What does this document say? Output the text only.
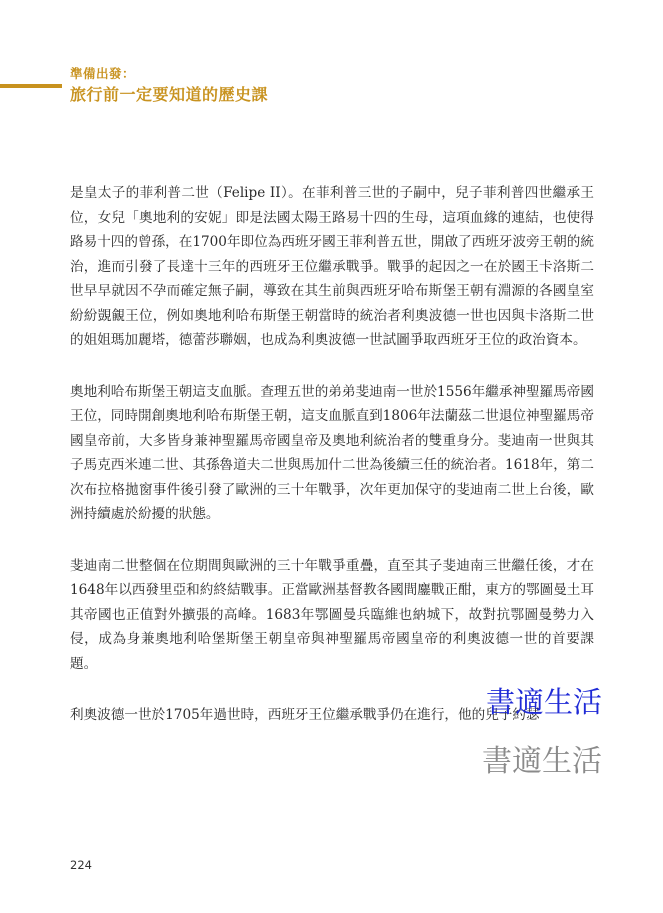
準備出發：
旅行前一定要知道的歷史課

是皇太子的菲利普二世（Felipe II）。在菲利普三世的子嗣中，兒子菲利普四世繼承王位，女兒「奧地利的安妮」即是法國太陽王路易十四的生母，這項血緣的連結，也使得路易十四的曾孫，在1700年即位為西班牙國王菲利普五世，開啟了西班牙波旁王朝的統治，進而引發了長達十三年的西班牙王位繼承戰爭。戰爭的起因之一在於國王卡洛斯二世早早就因不孕而確定無子嗣，導致在其生前與西班牙哈布斯堡王朝有淵源的各國皇室紛紛覬覦王位，例如奧地利哈布斯堡王朝當時的統治者利奧波德一世也因與卡洛斯二世的姐姐瑪加麗塔，德蕾莎聯姻，也成為利奧波德一世試圖爭取西班牙王位的政治資本。

奧地利哈布斯堡王朝這支血脈。查理五世的弟弟斐迪南一世於1556年繼承神聖羅馬帝國王位，同時開創奧地利哈布斯堡王朝，這支血脈直到1806年法蘭茲二世退位神聖羅馬帝國皇帝前，大多皆身兼神聖羅馬帝國皇帝及奧地利統治者的雙重身分。斐迪南一世與其子馬克西米連二世、其孫魯道夫二世與馬加什二世為後續三任的統治者。1618年，第二次布拉格拋窗事件後引發了歐洲的三十年戰爭，次年更加保守的斐迪南二世上台後，歐洲持續處於紛擾的狀態。

斐迪南二世整個在位期間與歐洲的三十年戰爭重疊，直至其子斐迪南三世繼任後，才在1648年以西發里亞和約終結戰事。正當歐洲基督教各國間鏖戰正酣，東方的鄂圖曼土耳其帝國也正值對外擴張的高峰。1683年鄂圖曼兵臨維也納城下，故對抗鄂圖曼勢力入侵，成為身兼奧地利哈堡斯堡王朝皇帝與神聖羅馬帝國皇帝的利奧波德一世的首要課題。

利奧波德一世於1705年過世時，西班牙王位繼承戰爭仍在進行，他的兒子約瑟

書適生活
書適生活
224
